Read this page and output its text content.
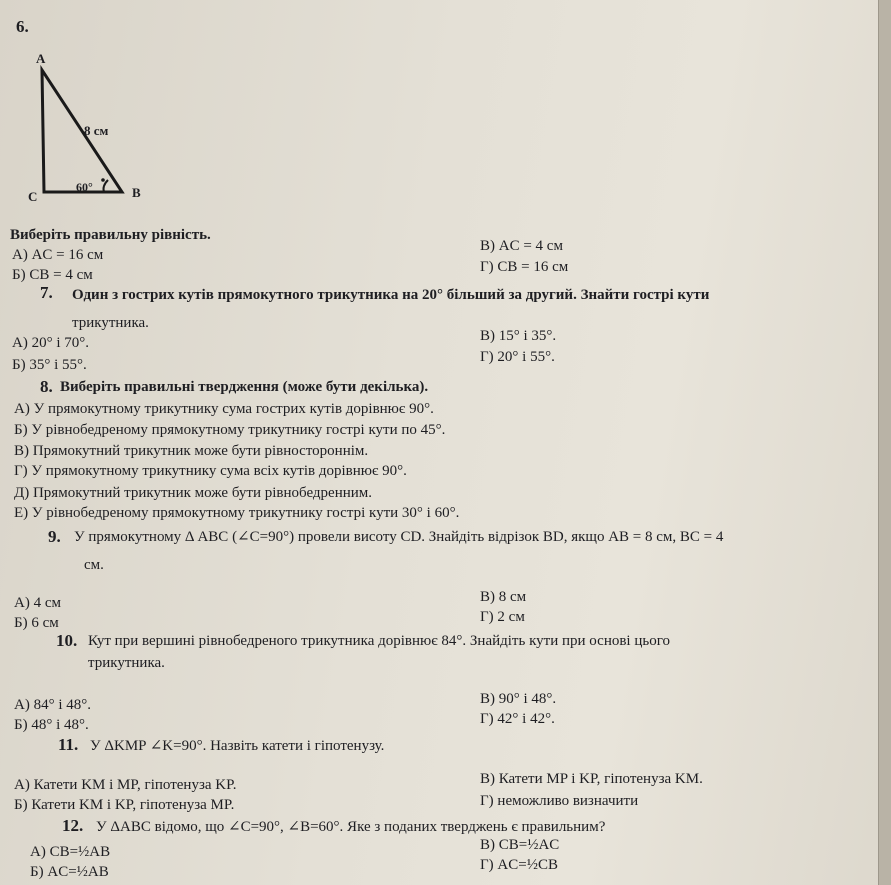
6.
A
8 см
60°
C	B
Виберіть правильну рівність.
А) AC = 16 см
Б) CB = 4 см
В) AC = 4 см
Г) CB = 16 см
7. Один з гострих кутів прямокутного трикутника на 20° більший за другий. Знайти гострі кути
трикутника.
А) 20° і 70°.
Б) 35° і 55°.
В) 15° і 35°.
Г) 20° і 55°.
8. Виберіть правильні твердження (може бути декілька).
А) У прямокутному трикутнику сума гострих кутів дорівнює 90°.
Б) У рівнобедреному прямокутному трикутнику гострі кути по 45°.
В) Прямокутний трикутник може бути рівностороннім.
Г) У прямокутному трикутнику сума всіх кутів дорівнює 90°.
Д) Прямокутний трикутник може бути рівнобедренним.
Е) У рівнобедреному прямокутному трикутнику гострі кути 30° і 60°.
9. У прямокутному Δ ABC (∠C=90°) провели висоту CD. Знайдіть відрізок BD, якщо AB = 8 см, BC = 4
см.
А) 4 см
Б) 6 см
В) 8 см
Г) 2 см
10. Кут при вершині рівнобедреного трикутника дорівнює 84°. Знайдіть кути при основі цього
трикутника.
А) 84° і 48°.
Б) 48° і 48°.
В) 90° і 48°.
Г) 42° і 42°.
11. У ΔKMP ∠K=90°. Назвіть катети і гіпотенузу.
А) Катети KM і MP, гіпотенуза KP.
Б) Катети KM і KP, гіпотенуза MP.
В) Катети MP і KP, гіпотенуза KM.
Г) неможливо визначити
12. У ΔABC відомо, що ∠C=90°, ∠B=60°. Яке з поданих тверджень є правильним?
А) CB=½AB
Б) AC=½AB
В) CB=½AC
Г) AC=½CB
